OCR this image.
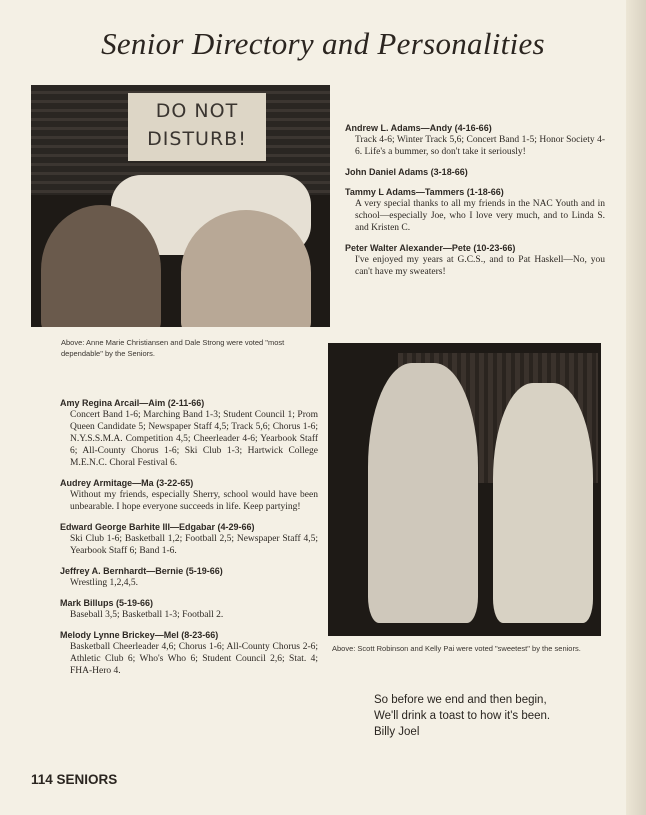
Senior Directory and Personalities
DO NOT
DISTURB!
Above: Anne Marie Christiansen and Dale Strong were voted "most dependable" by the Seniors.
Andrew L. Adams—Andy (4-16-66)
Track 4-6; Winter Track 5,6; Concert Band 1-5; Honor Society 4-6. Life's a bummer, so don't take it seriously!
John Daniel Adams (3-18-66)
Tammy L Adams—Tammers (1-18-66)
A very special thanks to all my friends in the NAC Youth and in school—especially Joe, who I love very much, and to Linda S. and Kristen C.
Peter Walter Alexander—Pete (10-23-66)
I've enjoyed my years at G.C.S., and to Pat Haskell—No, you can't have my sweaters!
Above: Scott Robinson and Kelly Pai were voted "sweetest" by the seniors.
Amy Regina Arcail—Aim (2-11-66)
Concert Band 1-6; Marching Band 1-3; Student Council 1; Prom Queen Candidate 5; Newspaper Staff 4,5; Track 5,6; Chorus 1-6; N.Y.S.S.M.A. Competition 4,5; Cheerleader 4-6; Yearbook Staff 6; All-County Chorus 1-6; Ski Club 1-3; Hartwick College M.E.N.C. Choral Festival 6.
Audrey Armitage—Ma (3-22-65)
Without my friends, especially Sherry, school would have been unbearable. I hope everyone succeeds in life. Keep partying!
Edward George Barhite III—Edgabar (4-29-66)
Ski Club 1-6; Basketball 1,2; Football 2,5; Newspaper Staff 4,5; Yearbook Staff 6; Band 1-6.
Jeffrey A. Bernhardt—Bernie (5-19-66)
Wrestling 1,2,4,5.
Mark Billups (5-19-66)
Baseball 3,5; Basketball 1-3; Football 2.
Melody Lynne Brickey—Mel (8-23-66)
Basketball Cheerleader 4,6; Chorus 1-6; All-County Chorus 2-6; Athletic Club 6; Who's Who 6; Student Council 2,6; Stat. 4; FHA-Hero 4.
So before we end and then begin, We'll drink a toast to how it's been. Billy Joel
114 SENIORS
